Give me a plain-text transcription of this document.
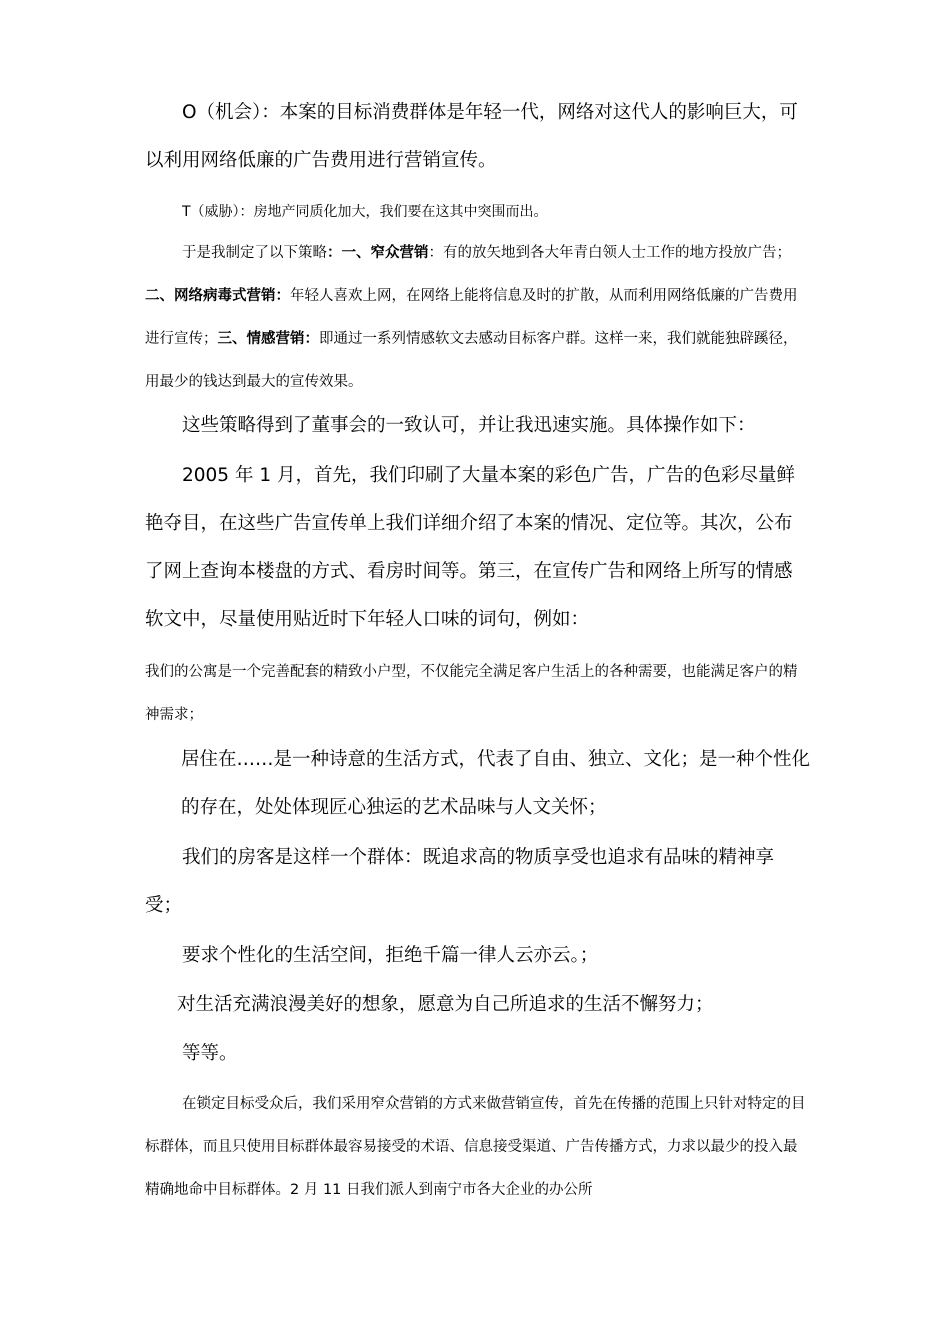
O（机会）：本案的目标消费群体是年轻一代，网络对这代人的影响巨大，可以利用网络低廉的广告费用进行营销宣传。

T（威胁）：房地产同质化加大，我们要在这其中突围而出。

于是我制定了以下策略：一、窄众营销：有的放矢地到各大年青白领人士工作的地方投放广告；二、网络病毒式营销：年轻人喜欢上网，在网络上能将信息及时的扩散，从而利用网络低廉的广告费用进行宣传；三、情感营销：即通过一系列情感软文去感动目标客户群。这样一来，我们就能独辟蹊径，用最少的钱达到最大的宣传效果。

这些策略得到了董事会的一致认可，并让我迅速实施。具体操作如下：

2005 年 1 月，首先，我们印刷了大量本案的彩色广告，广告的色彩尽量鲜艳夺目，在这些广告宣传单上我们详细介绍了本案的情况、定位等。其次，公布了网上查询本楼盘的方式、看房时间等。第三，在宣传广告和网络上所写的情感软文中，尽量使用贴近时下年轻人口味的词句，例如：

我们的公寓是一个完善配套的精致小户型，不仅能完全满足客户生活上的各种需要，也能满足客户的精神需求；

居住在……是一种诗意的生活方式，代表了自由、独立、文化；是一种个性化的存在，处处体现匠心独运的艺术品味与人文关怀；

我们的房客是这样一个群体：既追求高的物质享受也追求有品味的精神享受；

要求个性化的生活空间，拒绝千篇一律人云亦云。；

对生活充满浪漫美好的想象，愿意为自己所追求的生活不懈努力；

等等。

在锁定目标受众后，我们采用窄众营销的方式来做营销宣传，首先在传播的范围上只针对特定的目标群体，而且只使用目标群体最容易接受的术语、信息接受渠道、广告传播方式，力求以最少的投入最精确地命中目标群体。2 月 11 日我们派人到南宁市各大企业的办公所
